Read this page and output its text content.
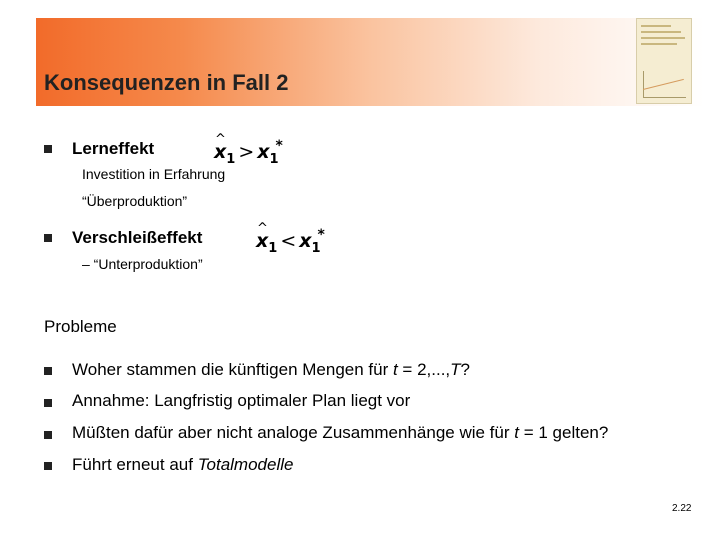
Konsequenzen in Fall 2
Lerneffekt	^ $x_1 > x_1^*$
Investition in Erfahrung
“Überproduktion”
Verschleißeffekt	^ $x_1 < x_1^*$
– “Unterproduktion”
Probleme
Woher stammen die künftigen Mengen für t = 2,...,T?
Annahme: Langfristig optimaler Plan liegt vor
Müßten dafür aber nicht analoge Zusammenhänge wie für t = 1 gelten?
Führt erneut auf Totalmodelle
2.22
